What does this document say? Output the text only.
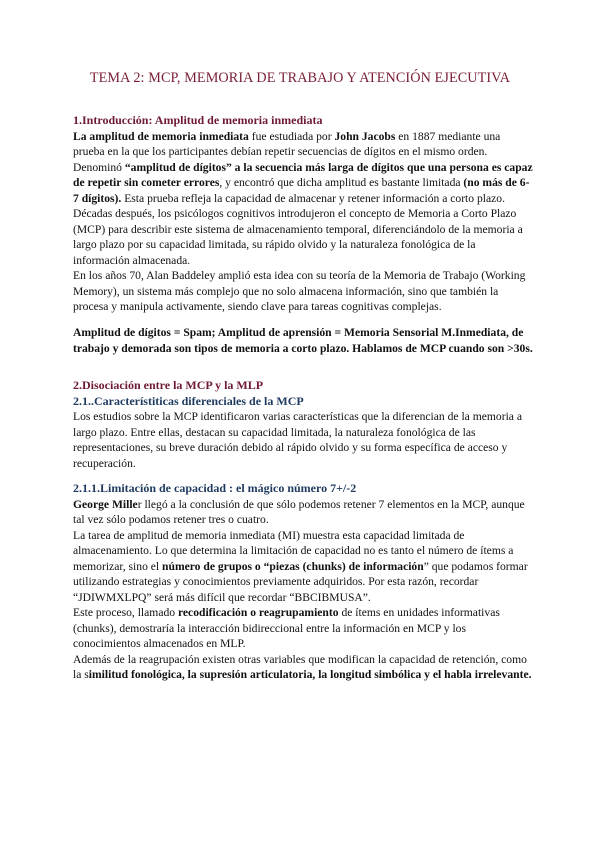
TEMA 2: MCP, MEMORIA DE TRABAJO Y ATENCIÓN EJECUTIVA
1.Introducción: Amplitud de memoria inmediata

La amplitud de memoria inmediata fue estudiada por John Jacobs en 1887 mediante una prueba en la que los participantes debían repetir secuencias de dígitos en el mismo orden. Denominó “amplitud de dígitos” a la secuencia más larga de dígitos que una persona es capaz de repetir sin cometer errores, y encontró que dicha amplitud es bastante limitada (no más de 6-7 dígitos). Esta prueba refleja la capacidad de almacenar y retener información a corto plazo.

Décadas después, los psicólogos cognitivos introdujeron el concepto de Memoria a Corto Plazo (MCP) para describir este sistema de almacenamiento temporal, diferenciándolo de la memoria a largo plazo por su capacidad limitada, su rápido olvido y la naturaleza fonológica de la información almacenada.

En los años 70, Alan Baddeley amplió esta idea con su teoría de la Memoria de Trabajo (Working Memory), un sistema más complejo que no solo almacena información, sino que también la procesa y manipula activamente, siendo clave para tareas cognitivas complejas.

Amplitud de dígitos = Spam; Amplitud de aprensión = Memoria Sensorial M.Inmediata, de trabajo y demorada son tipos de memoria a corto plazo. Hablamos de MCP cuando son >30s.

2.Disociación entre la MCP y la MLP
2.1..Característiticas diferenciales de la MCP

Los estudios sobre la MCP identificaron varias características que la diferencian de la memoria a largo plazo. Entre ellas, destacan su capacidad limitada, la naturaleza fonológica de las representaciones, su breve duración debido al rápido olvido y su forma específica de acceso y recuperación.

2.1.1.Limitación de capacidad : el mágico número 7+/-2

George Miller llegó a la conclusión de que sólo podemos retener 7 elementos en la MCP, aunque tal vez sólo podamos retener tres o cuatro.

La tarea de amplitud de memoria inmediata (MI) muestra esta capacidad limitada de almacenamiento. Lo que determina la limitación de capacidad no es tanto el número de ítems a memorizar, sino el número de grupos o “piezas (chunks) de información” que podamos formar utilizando estrategias y conocimientos previamente adquiridos. Por esta razón, recordar “JDIWMXLPQ” será más difícil que recordar “BBCIBMUSA”.

Este proceso, llamado recodificación o reagrupamiento de ítems en unidades informativas (chunks), demostraría la interacción bidireccional entre la información en MCP y los conocimientos almacenados en MLP.

Además de la reagrupación existen otras variables que modifican la capacidad de retención, como la similitud fonológica, la supresión articulatoria, la longitud simbólica y el habla irrelevante.
